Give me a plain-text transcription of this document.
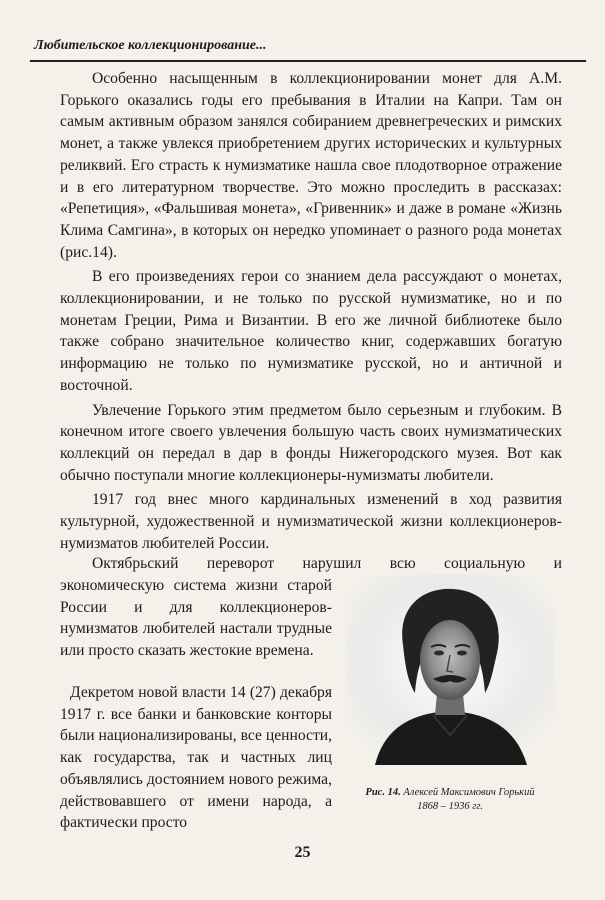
Любительское коллекционирование...

Особенно насыщенным в коллекционировании монет для А.М. Горького оказались годы его пребывания в Италии на Капри. Там он самым активным образом занялся собиранием древнегреческих и римских монет, а также увлекся приобретением других исторических и культурных реликвий. Его страсть к нумизматике нашла свое плодотворное отражение и в его литературном творчестве. Это можно проследить в рассказах: «Репетиция», «Фальшивая монета», «Гривенник» и даже в романе «Жизнь Клима Самгина», в которых он нередко упоминает о разного рода монетах (рис.14).

В его произведениях герои со знанием дела рассуждают о монетах, коллекционировании, и не только по русской нумизматике, но и по монетам Греции, Рима и Византии. В его же личной библиотеке было также собрано значительное количество книг, содержавших богатую информацию не только по нумизматике русской, но и античной и восточной.

Увлечение Горького этим предметом было серьезным и глубоким. В конечном итоге своего увлечения большую часть своих нумизматических коллекций он передал в дар в фонды Нижегородского музея. Вот как обычно поступали многие коллекционеры-нумизматы любители.

1917 год внес много кардинальных изменений в ход развития культурной, художественной и нумизматической жизни коллекционеров-нумизматов любителей России.

Октябрьский переворот нарушил всю социальную и

экономическую система жизни старой России и для коллекционеров-нумизматов любителей настали трудные или просто сказать жестокие времена.

Декретом новой власти 14 (27) декабря 1917 г. все банки и банковские конторы были национализированы, все ценности, как государства, так и частных лиц объявлялись достоянием нового режима, действовавшего от имени народа, а фактически просто

Рис. 14. Алексей Максимович Горький
1868 – 1936 гг.
25
